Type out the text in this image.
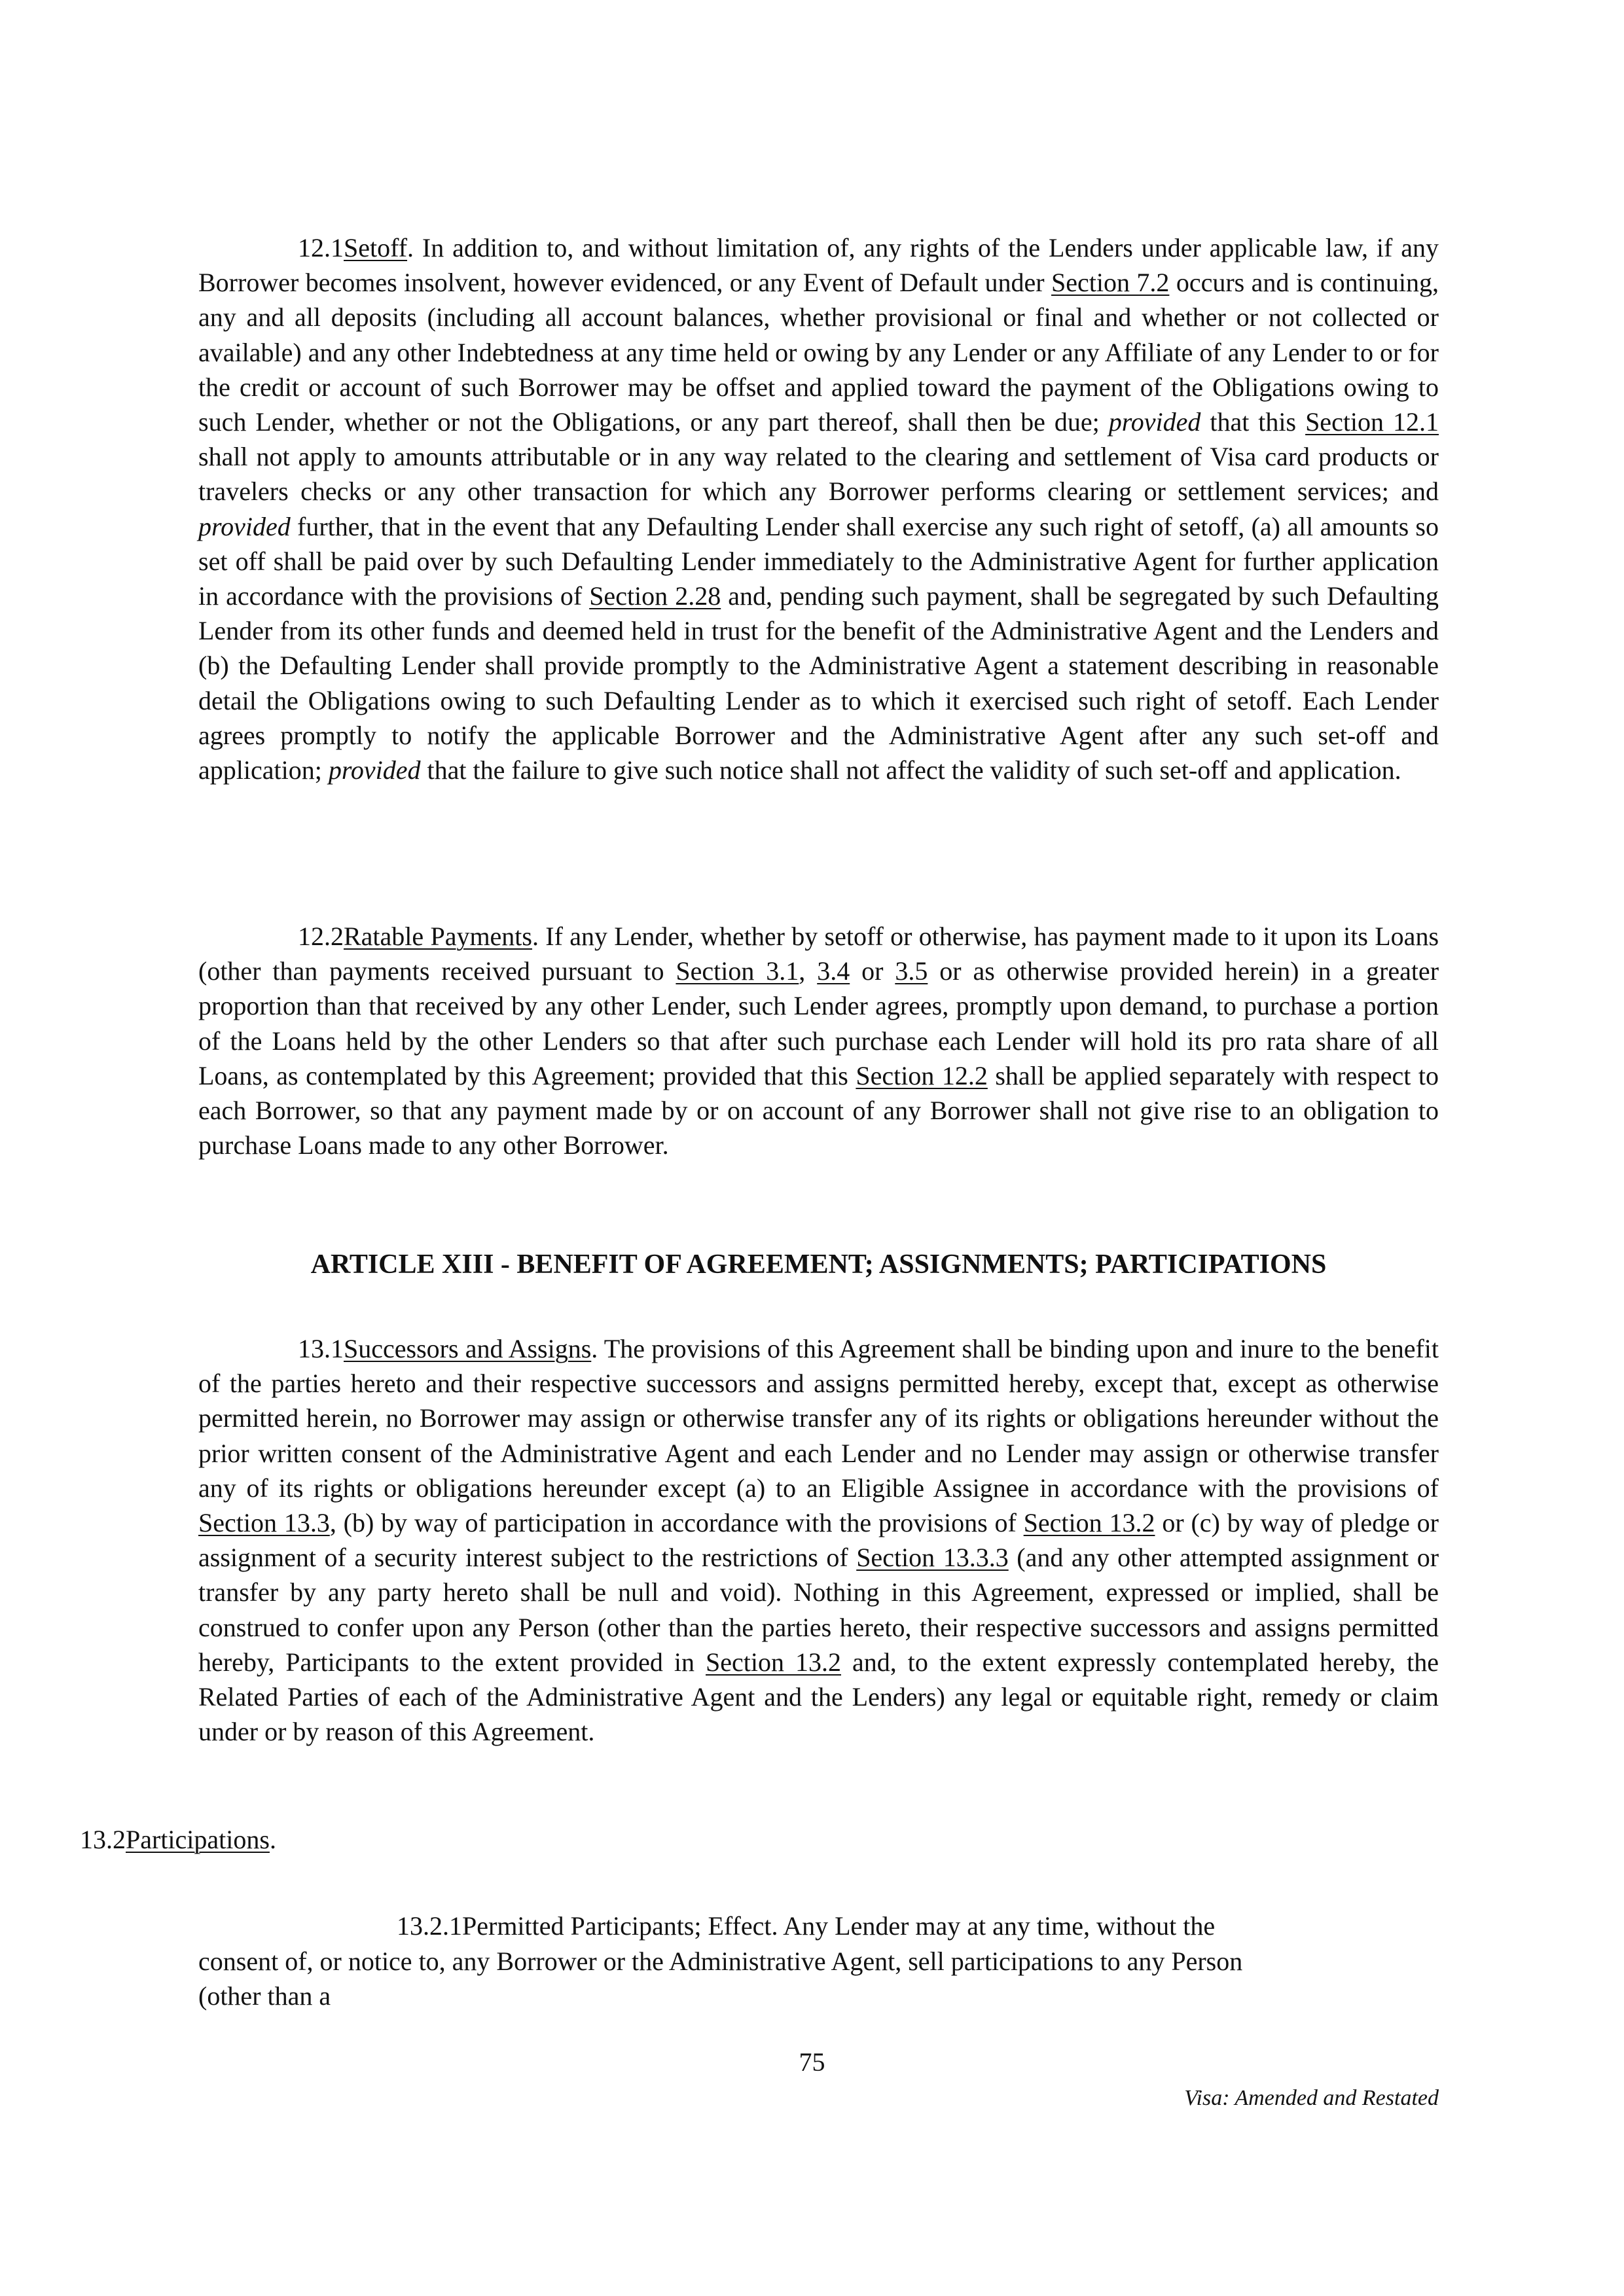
12.1Setoff. In addition to, and without limitation of, any rights of the Lenders under applicable law, if any Borrower becomes insolvent, however evidenced, or any Event of Default under Section 7.2 occurs and is continuing, any and all deposits (including all account balances, whether provisional or final and whether or not collected or available) and any other Indebtedness at any time held or owing by any Lender or any Affiliate of any Lender to or for the credit or account of such Borrower may be offset and applied toward the payment of the Obligations owing to such Lender, whether or not the Obligations, or any part thereof, shall then be due; provided that this Section 12.1 shall not apply to amounts attributable or in any way related to the clearing and settlement of Visa card products or travelers checks or any other transaction for which any Borrower performs clearing or settlement services; and provided further, that in the event that any Defaulting Lender shall exercise any such right of setoff, (a) all amounts so set off shall be paid over by such Defaulting Lender immediately to the Administrative Agent for further application in accordance with the provisions of Section 2.28 and, pending such payment, shall be segregated by such Defaulting Lender from its other funds and deemed held in trust for the benefit of the Administrative Agent and the Lenders and (b) the Defaulting Lender shall provide promptly to the Administrative Agent a statement describing in reasonable detail the Obligations owing to such Defaulting Lender as to which it exercised such right of setoff. Each Lender agrees promptly to notify the applicable Borrower and the Administrative Agent after any such set-off and application; provided that the failure to give such notice shall not affect the validity of such set-off and application.

12.2Ratable Payments. If any Lender, whether by setoff or otherwise, has payment made to it upon its Loans (other than payments received pursuant to Section 3.1, 3.4 or 3.5 or as otherwise provided herein) in a greater proportion than that received by any other Lender, such Lender agrees, promptly upon demand, to purchase a portion of the Loans held by the other Lenders so that after such purchase each Lender will hold its pro rata share of all Loans, as contemplated by this Agreement; provided that this Section 12.2 shall be applied separately with respect to each Borrower, so that any payment made by or on account of any Borrower shall not give rise to an obligation to purchase Loans made to any other Borrower.

ARTICLE XIII - BENEFIT OF AGREEMENT; ASSIGNMENTS; PARTICIPATIONS

13.1Successors and Assigns. The provisions of this Agreement shall be binding upon and inure to the benefit of the parties hereto and their respective successors and assigns permitted hereby, except that, except as otherwise permitted herein, no Borrower may assign or otherwise transfer any of its rights or obligations hereunder without the prior written consent of the Administrative Agent and each Lender and no Lender may assign or otherwise transfer any of its rights or obligations hereunder except (a) to an Eligible Assignee in accordance with the provisions of Section 13.3, (b) by way of participation in accordance with the provisions of Section 13.2 or (c) by way of pledge or assignment of a security interest subject to the restrictions of Section 13.3.3 (and any other attempted assignment or transfer by any party hereto shall be null and void). Nothing in this Agreement, expressed or implied, shall be construed to confer upon any Person (other than the parties hereto, their respective successors and assigns permitted hereby, Participants to the extent provided in Section 13.2 and, to the extent expressly contemplated hereby, the Related Parties of each of the Administrative Agent and the Lenders) any legal or equitable right, remedy or claim under or by reason of this Agreement.

13.2Participations.

13.2.1Permitted Participants; Effect. Any Lender may at any time, without the
consent of, or notice to, any Borrower or the Administrative Agent, sell participations to any Person
(other than a

75

Visa: Amended and Restated
